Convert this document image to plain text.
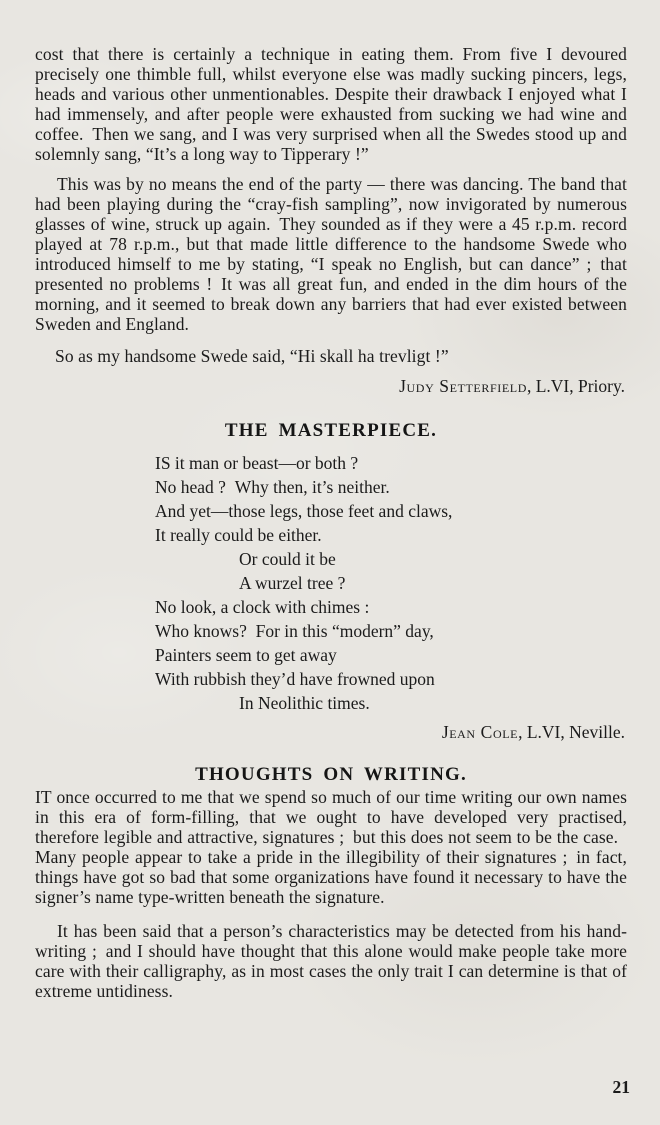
cost that there is certainly a technique in eating them. From five I devoured precisely one thimble full, whilst everyone else was madly sucking pincers, legs, heads and various other unmentionables. Despite their drawback I enjoyed what I had immensely, and after people were exhausted from sucking we had wine and coffee. Then we sang, and I was very surprised when all the Swedes stood up and solemnly sang, “It’s a long way to Tipperary !”

This was by no means the end of the party — there was dancing. The band that had been playing during the “cray-fish sampling”, now invigorated by numerous glasses of wine, struck up again. They sounded as if they were a 45 r.p.m. record played at 78 r.p.m., but that made little difference to the handsome Swede who introduced himself to me by stating, “I speak no English, but can dance” ; that presented no problems ! It was all great fun, and ended in the dim hours of the morning, and it seemed to break down any barriers that had ever existed between Sweden and England.

So as my handsome Swede said, “Hi skall ha trevligt !”

Judy Setterfield, L.VI, Priory.
THE MASTERPIECE.
IS it man or beast—or both ?
No head ? Why then, it’s neither.
And yet—those legs, those feet and claws,
It really could be either.
Or could it be
A wurzel tree ?
No look, a clock with chimes :
Who knows? For in this “modern” day,
Painters seem to get away
With rubbish they’d have frowned upon
In Neolithic times.
Jean Cole, L.VI, Neville.
THOUGHTS ON WRITING.

IT once occurred to me that we spend so much of our time writing our own names in this era of form-filling, that we ought to have developed very practised, therefore legible and attractive, signatures ; but this does not seem to be the case. Many people appear to take a pride in the illegibility of their signatures ; in fact, things have got so bad that some organizations have found it necessary to have the signer’s name type-written beneath the signature.

It has been said that a person’s characteristics may be detected from his hand-writing ; and I should have thought that this alone would make people take more care with their calligraphy, as in most cases the only trait I can determine is that of extreme untidiness.

21
